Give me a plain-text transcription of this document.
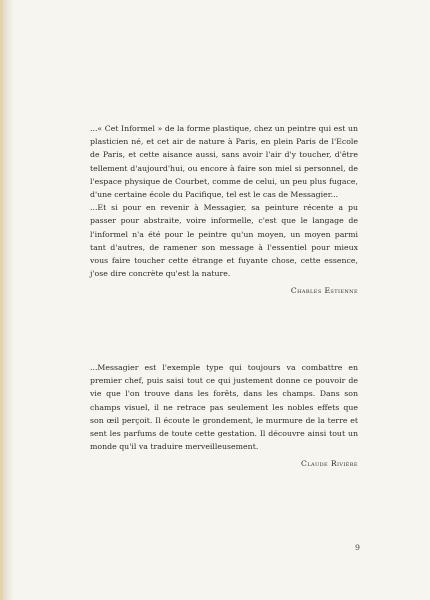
...« Cet Informel » de la forme plastique, chez un peintre qui est un plasticien né, et cet air de nature à Paris, en plein Paris de l'Ecole de Paris, et cette aisance aussi, sans avoir l'air d'y toucher, d'être tellement d'aujourd'hui, ou encore à faire son miel si personnel, de l'espace physique de Courbet, comme de celui, un peu plus fugace, d'une certaine école du Pacifique, tel est le cas de Messagier...

...Et si pour en revenir à Messagier, sa peinture récente a pu passer pour abstraite, voire informelle, c'est que le langage de l'informel n'a été pour le peintre qu'un moyen, un moyen parmi tant d'autres, de ramener son message à l'essentiel pour mieux vous faire toucher cette étrange et fuyante chose, cette essence, j'ose dire concrète qu'est la nature.

Charles Estienne

...Messagier est l'exemple type qui toujours va combattre en premier chef, puis saisi tout ce qui justement donne ce pouvoir de vie que l'on trouve dans les forêts, dans les champs. Dans son champs visuel, il ne retrace pas seulement les nobles effets que son œil perçoit. Il écoute le grondement, le murmure de la terre et sent les parfums de toute cette gestation. Il découvre ainsi tout un monde qu'il va traduire merveilleusement.

Claude Rivière
9
